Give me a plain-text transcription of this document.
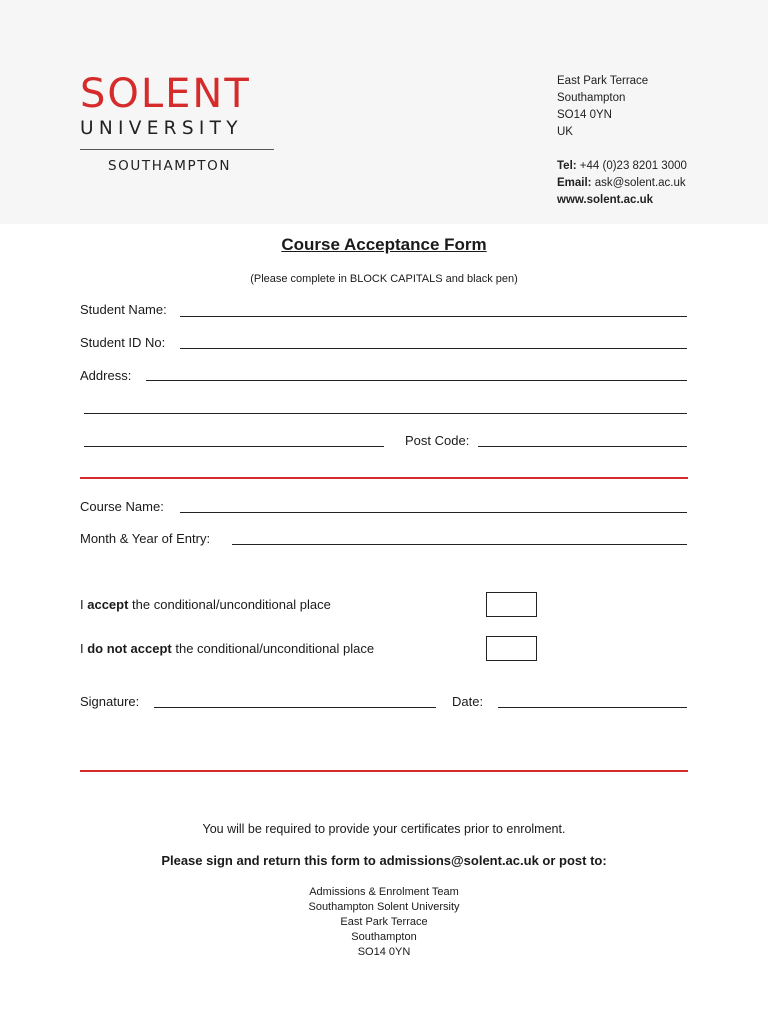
SOLENT
UNIVERSITY
SOUTHAMPTON
East Park Terrace
Southampton
SO14 0YN
UK
Tel: +44 (0)23 8201 3000
Email: ask@solent.ac.uk
www.solent.ac.uk
Course Acceptance Form
(Please complete in BLOCK CAPITALS and black pen)
Student Name:
Student ID No:
Address:
Post Code:
Course Name:
Month & Year of Entry:
I accept the conditional/unconditional place
I do not accept the conditional/unconditional place
Signature:	Date:
You will be required to provide your certificates prior to enrolment.
Please sign and return this form to admissions@solent.ac.uk or post to:
Admissions & Enrolment Team
Southampton Solent University
East Park Terrace
Southampton
SO14 0YN
